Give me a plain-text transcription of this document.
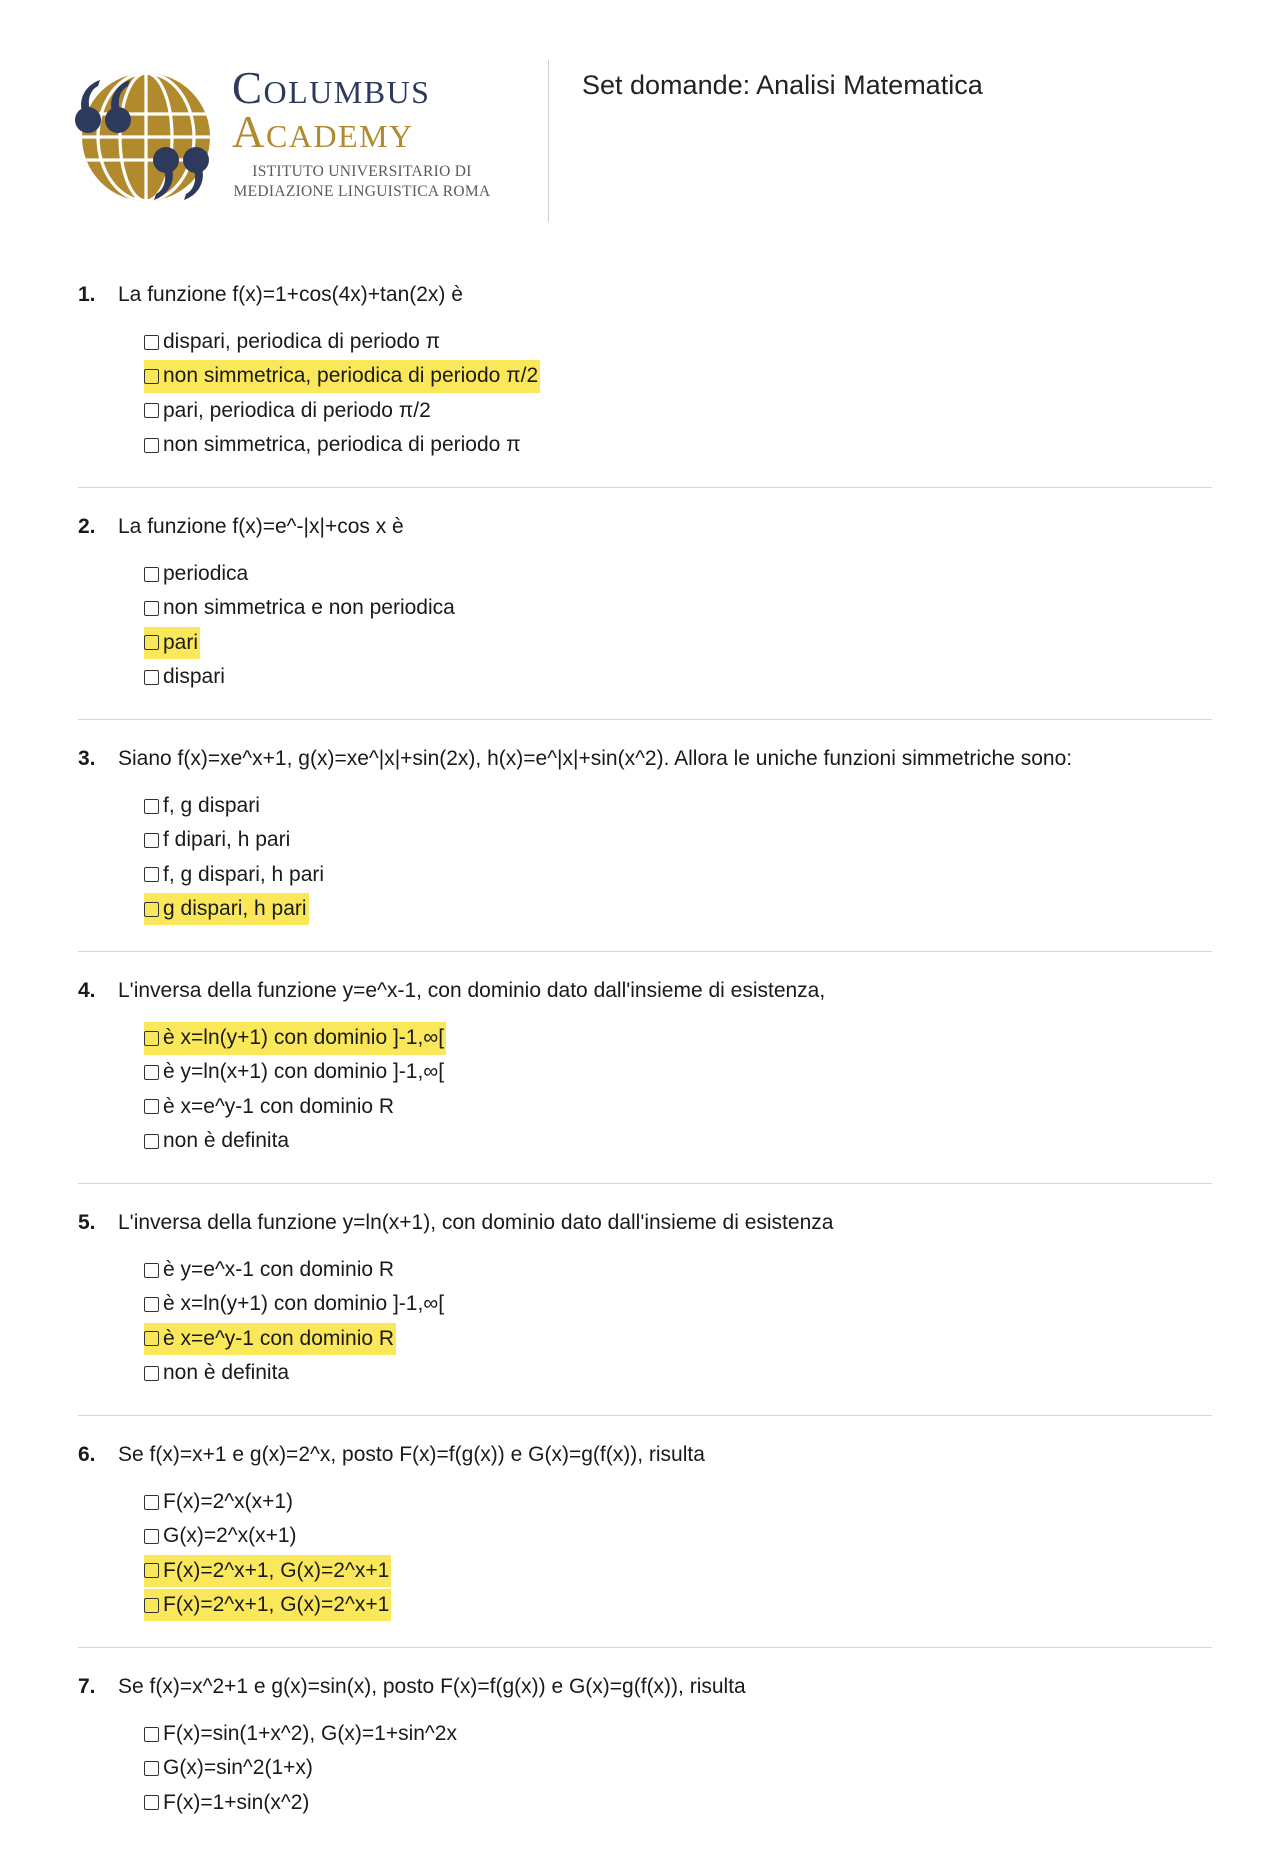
Columbus
Academy
ISTITUTO UNIVERSITARIO DI
MEDIAZIONE LINGUISTICA ROMA
Set domande: Analisi Matematica
1.	La funzione f(x)=1+cos(4x)+tan(2x) è
dispari, periodica di periodo π
non simmetrica, periodica di periodo π/2
pari, periodica di periodo π/2
non simmetrica, periodica di periodo π
2.	La funzione f(x)=e^-|x|+cos x è
periodica
non simmetrica e non periodica
pari
dispari
3.	Siano f(x)=xe^x+1, g(x)=xe^|x|+sin(2x), h(x)=e^|x|+sin(x^2). Allora le uniche funzioni simmetriche sono:
f, g dispari
f dipari, h pari
f, g dispari, h pari
g dispari, h pari
4.	L'inversa della funzione y=e^x-1, con dominio dato dall'insieme di esistenza,
è x=ln(y+1) con dominio ]-1,∞[
è y=ln(x+1) con dominio ]-1,∞[
è x=e^y-1 con dominio R
non è definita
5.	L'inversa della funzione y=ln(x+1), con dominio dato dall'insieme di esistenza
è y=e^x-1 con dominio R
è x=ln(y+1) con dominio ]-1,∞[
è x=e^y-1 con dominio R
non è definita
6.	Se f(x)=x+1 e g(x)=2^x, posto F(x)=f(g(x)) e G(x)=g(f(x)), risulta
F(x)=2^x(x+1)
G(x)=2^x(x+1)
F(x)=2^x+1, G(x)=2^x+1
F(x)=2^x+1, G(x)=2^x+1
7.	Se f(x)=x^2+1 e g(x)=sin(x), posto F(x)=f(g(x)) e G(x)=g(f(x)), risulta
F(x)=sin(1+x^2), G(x)=1+sin^2x
G(x)=sin^2(1+x)
F(x)=1+sin(x^2)
